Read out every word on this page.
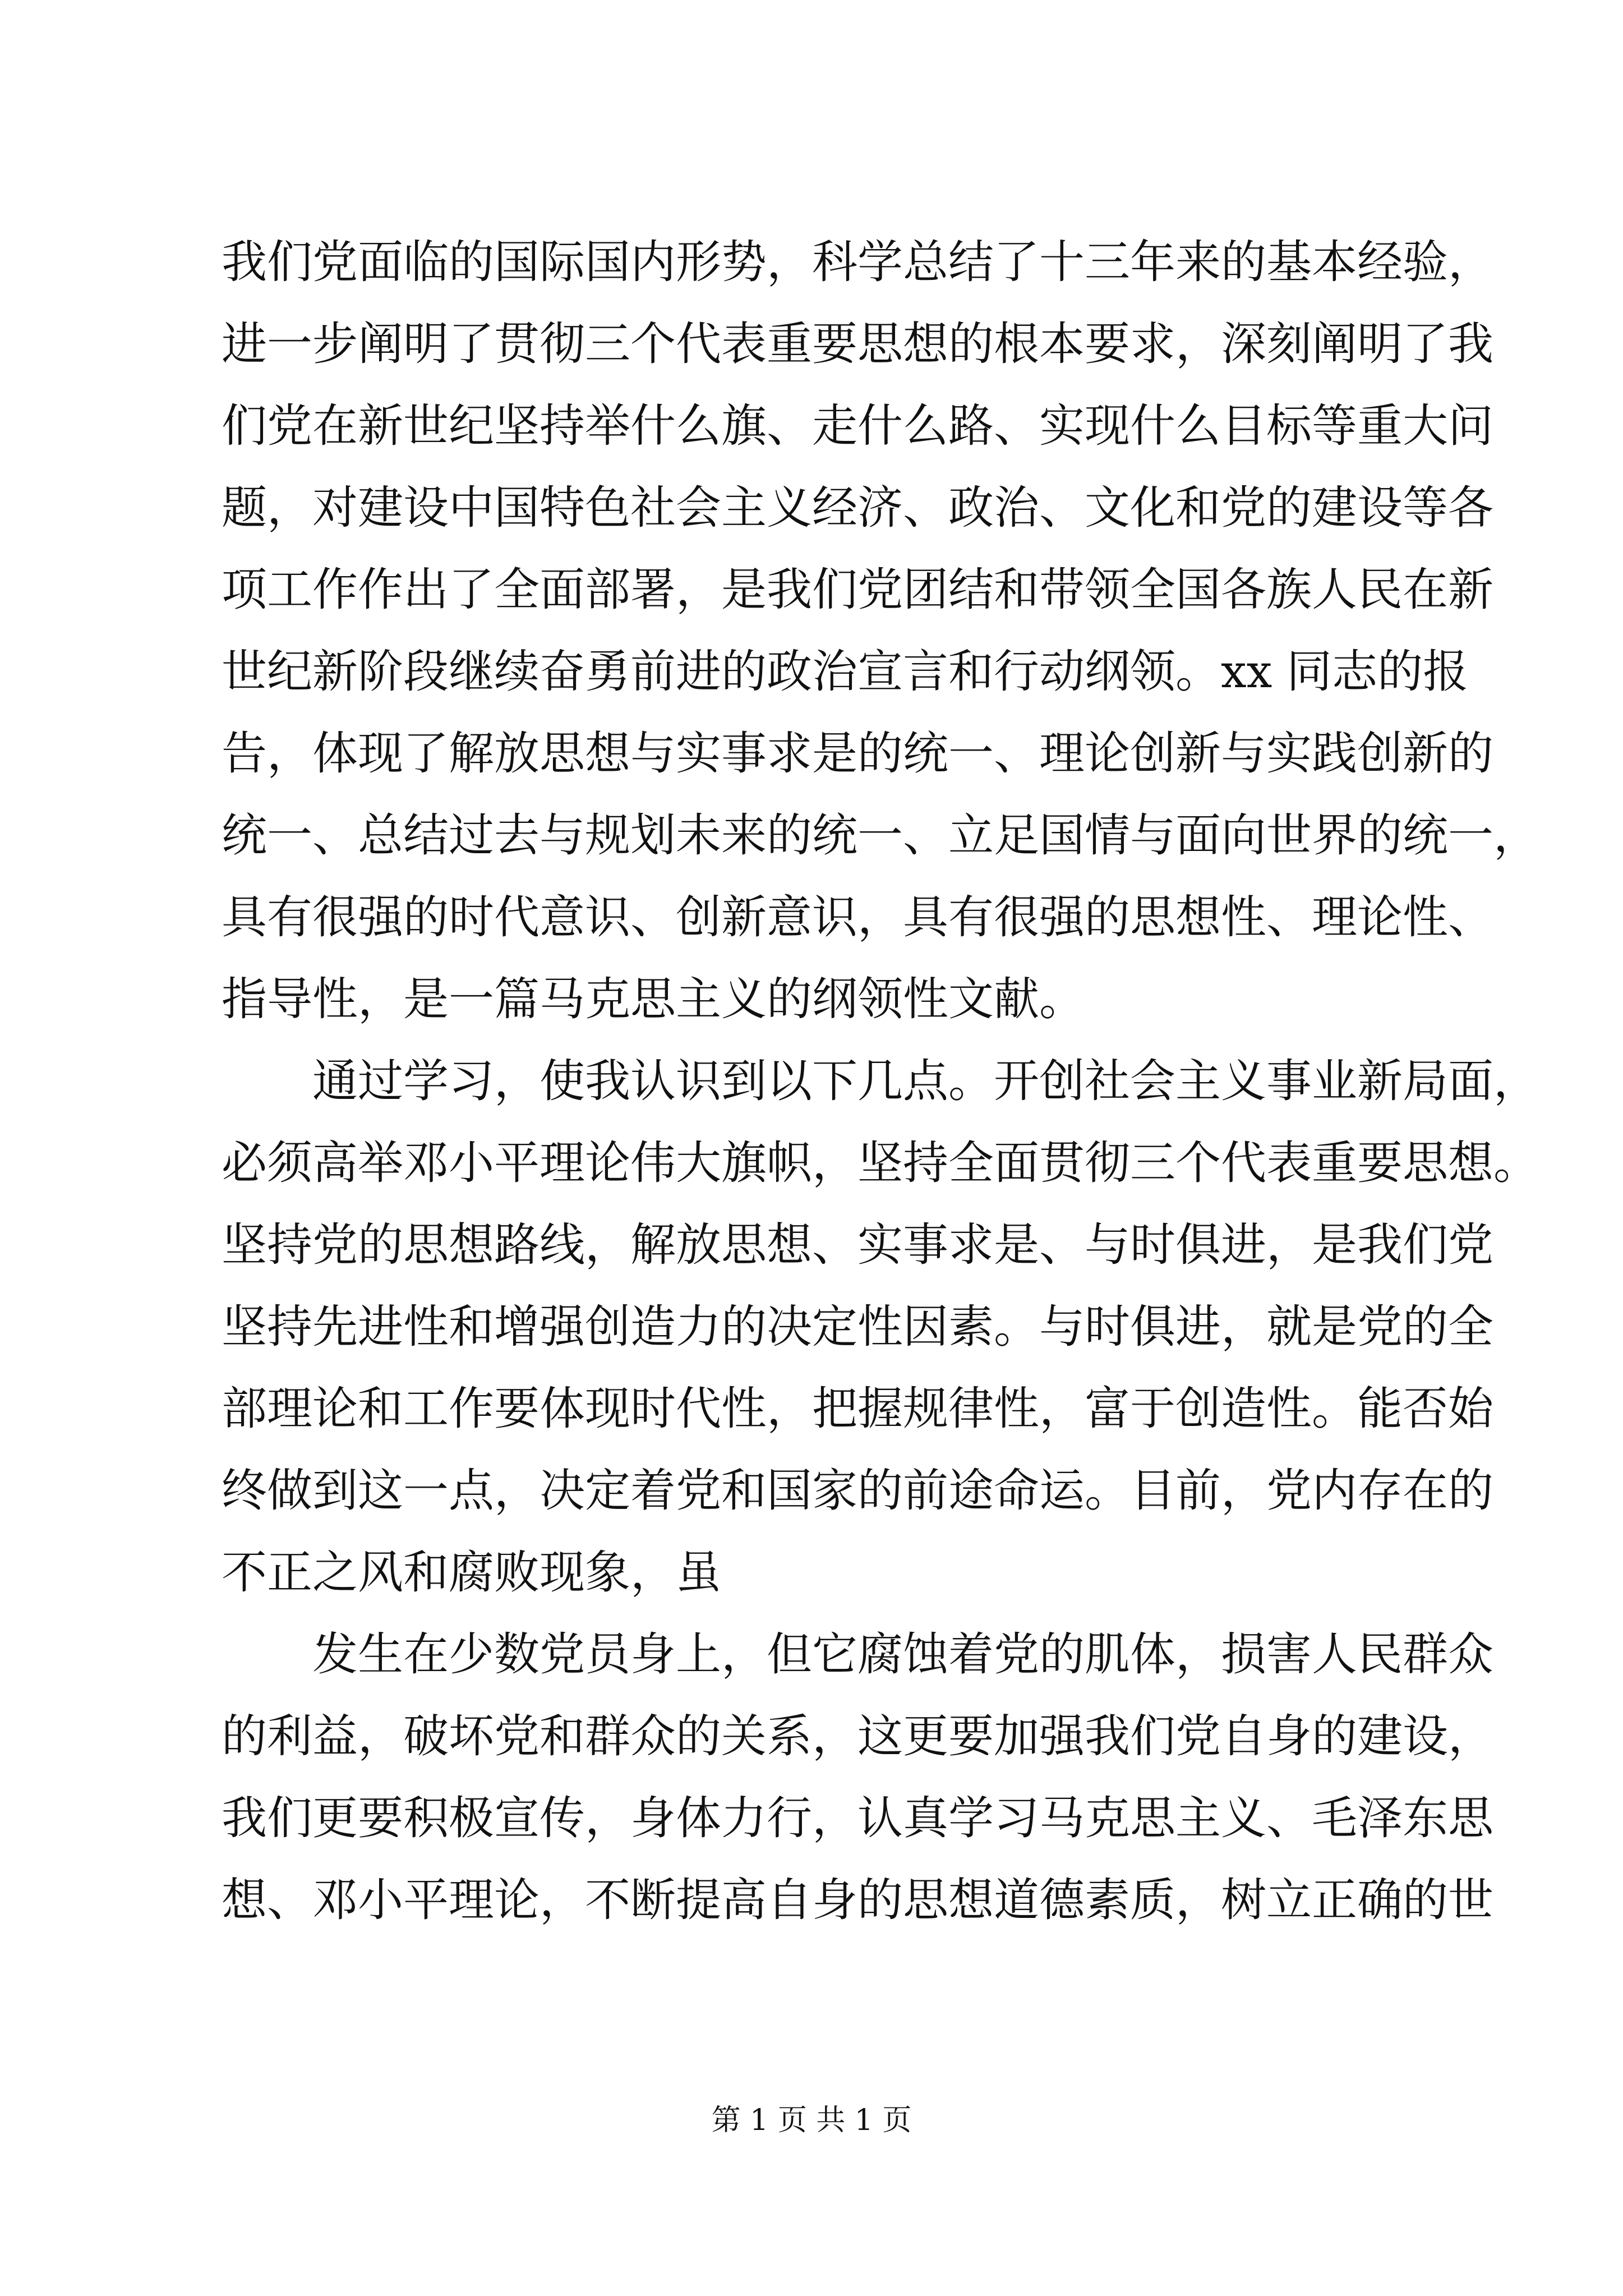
我们党面临的国际国内形势，科学总结了十三年来的基本经验，
进一步阐明了贯彻三个代表重要思想的根本要求，深刻阐明了我
们党在新世纪坚持举什么旗、走什么路、实现什么目标等重大问
题，对建设中国特色社会主义经济、政治、文化和党的建设等各
项工作作出了全面部署，是我们党团结和带领全国各族人民在新
世纪新阶段继续奋勇前进的政治宣言和行动纲领。xx 同志的报
告，体现了解放思想与实事求是的统一、理论创新与实践创新的
统一、总结过去与规划未来的统一、立足国情与面向世界的统一，
具有很强的时代意识、创新意识，具有很强的思想性、理论性、
指导性，是一篇马克思主义的纲领性文献。
　　通过学习，使我认识到以下几点。开创社会主义事业新局面，
必须高举邓小平理论伟大旗帜，坚持全面贯彻三个代表重要思想。
坚持党的思想路线，解放思想、实事求是、与时俱进，是我们党
坚持先进性和增强创造力的决定性因素。与时俱进，就是党的全
部理论和工作要体现时代性，把握规律性，富于创造性。能否始
终做到这一点，决定着党和国家的前途命运。目前，党内存在的
不正之风和腐败现象，虽
　　发生在少数党员身上，但它腐蚀着党的肌体，损害人民群众
的利益，破坏党和群众的关系，这更要加强我们党自身的建设，
我们更要积极宣传，身体力行，认真学习马克思主义、毛泽东思
想、邓小平理论，不断提高自身的思想道德素质，树立正确的世
第 1 页 共 1 页
